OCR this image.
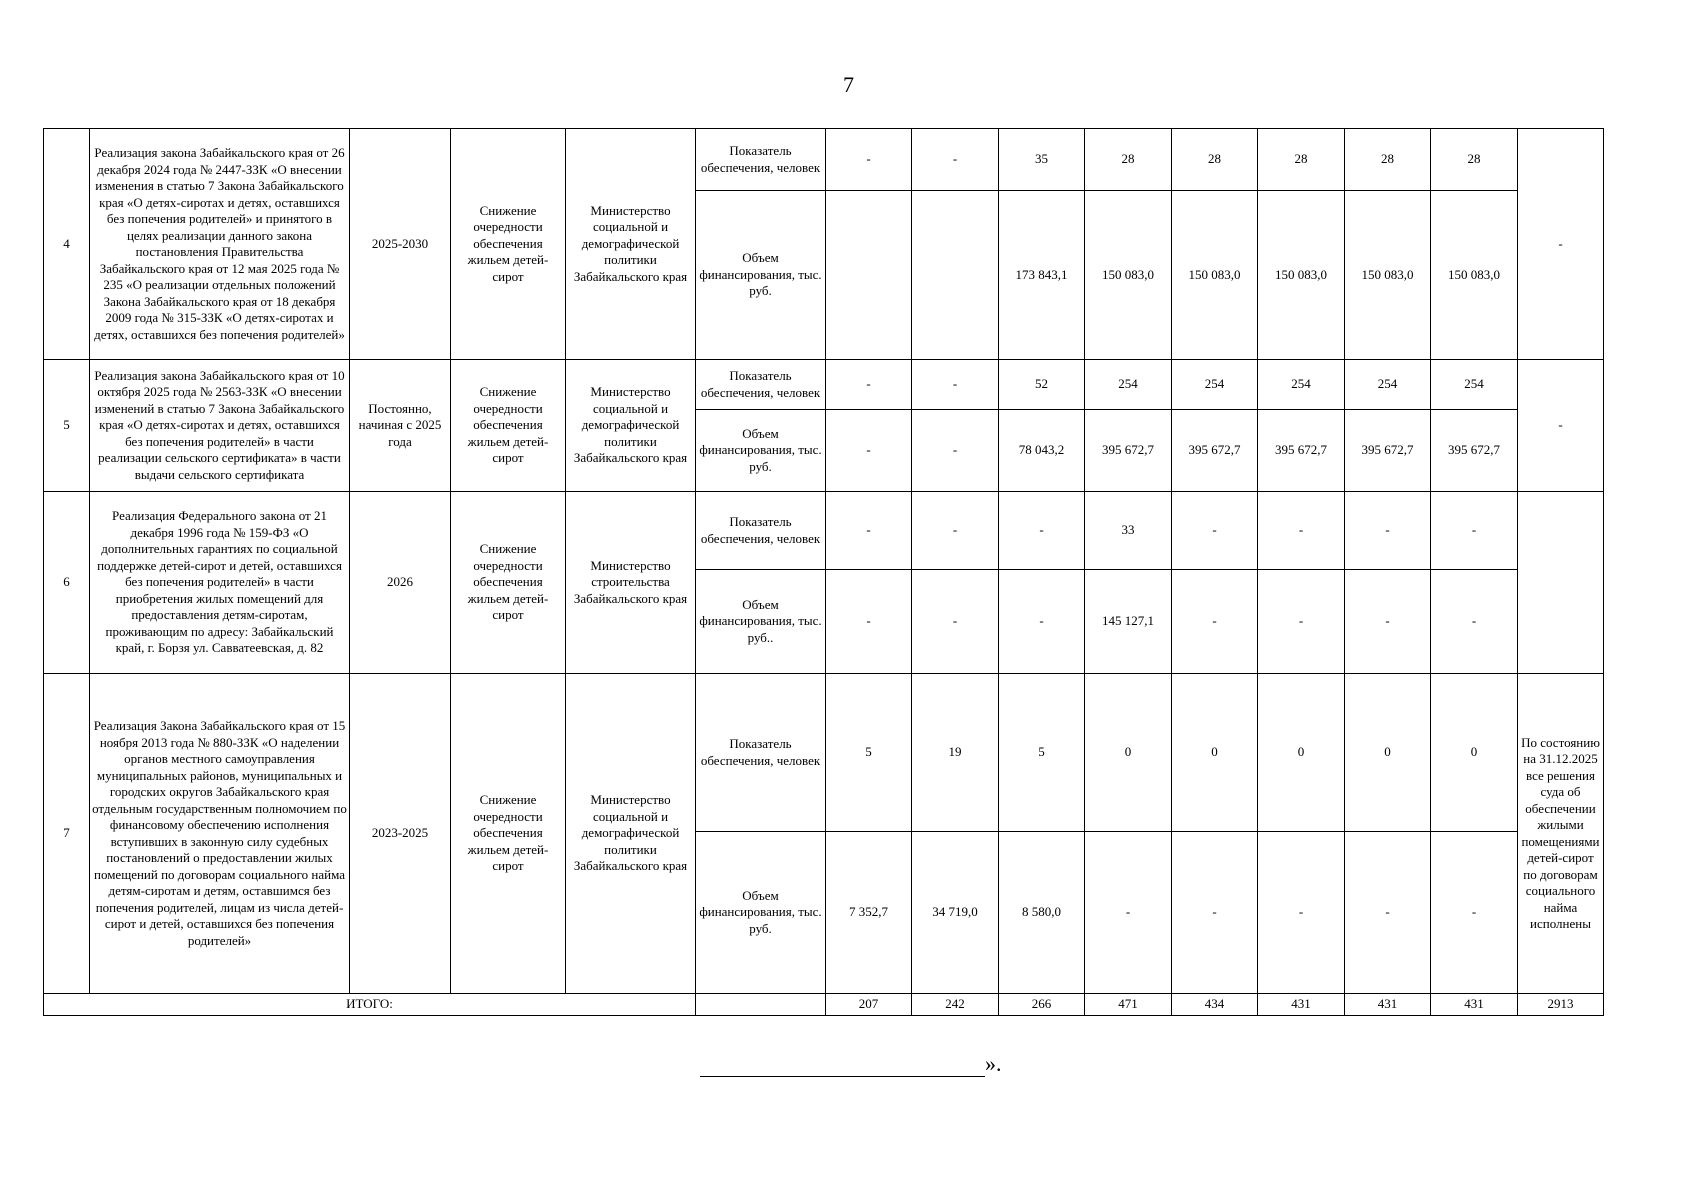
7
4	Реализация закона Забайкальского края от 26 декабря 2024 года № 2447-ЗЗК «О внесении изменения в статью 7 Закона Забайкальского края «О детях-сиротах и детях, оставшихся без попечения родителей» и принятого в целях реализации данного закона постановления Правительства Забайкальского края от 12 мая 2025 года № 235 «О реализации отдельных положений Закона Забайкальского края от 18 декабря 2009 года № 315-ЗЗК «О детях-сиротах и детях, оставшихся без попечения родителей»	2025-2030	Снижение очередности обеспечения жильем детей-сирот	Министерство социальной и демографической политики Забайкальского края	Показатель обеспечения, человек	-	-	35	28	28	28	28	28	-
					Объем финансирования, тыс. руб.			173 843,1	150 083,0	150 083,0	150 083,0	150 083,0	150 083,0	
5	Реализация закона Забайкальского края от 10 октября 2025 года № 2563-ЗЗК «О внесении изменений в статью 7 Закона Забайкальского края «О детях-сиротах и детях, оставшихся без попечения родителей» в части реализации сельского сертификата» в части выдачи сельского сертификата	Постоянно, начиная с 2025 года	Снижение очередности обеспечения жильем детей-сирот	Министерство социальной и демографической политики Забайкальского края	Показатель обеспечения, человек	-	-	52	254	254	254	254	254	-
					Объем финансирования, тыс. руб.	-	-	78 043,2	395 672,7	395 672,7	395 672,7	395 672,7	395 672,7	
6	Реализация Федерального закона от 21 декабря 1996 года № 159-ФЗ «О дополнительных гарантиях по социальной поддержке детей-сирот и детей, оставшихся без попечения родителей» в части приобретения жилых помещений для предоставления детям-сиротам, проживающим по адресу: Забайкальский край, г. Борзя ул. Савватеевская, д. 82	2026	Снижение очередности обеспечения жильем детей-сирот	Министерство строительства Забайкальского края	Показатель обеспечения, человек	-	-	-	33	-	-	-	-	
					Объем финансирования, тыс. руб..	-	-	-	145 127,1	-	-	-	-	
7	Реализация Закона Забайкальского края от 15 ноября 2013 года № 880-ЗЗК «О наделении органов местного самоуправления муниципальных районов, муниципальных и городских округов Забайкальского края отдельным государственным полномочием по финансовому обеспечению исполнения вступивших в законную силу судебных постановлений о предоставлении жилых помещений по договорам социального найма детям-сиротам и детям, оставшимся без попечения родителей, лицам из числа детей-сирот и детей, оставшихся без попечения родителей»	2023-2025	Снижение очередности обеспечения жильем детей-сирот	Министерство социальной и демографической политики Забайкальского края	Показатель обеспечения, человек	5	19	5	0	0	0	0	0	По состоянию на 31.12.2025 все решения суда об обеспечении жилыми помещениями детей-сирот по договорам социального найма исполнены
					Объем финансирования, тыс. руб.	7 352,7	34 719,0	8 580,0	-	-	-	-	-	
ИТОГО:						207	242	266	471	434	431	431	431	2913
».
